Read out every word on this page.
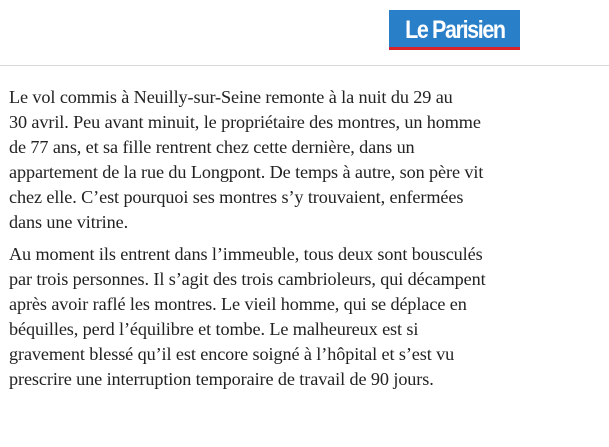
Le Parisien

Le vol commis à Neuilly-sur-Seine remonte à la nuit du 29 au
30 avril. Peu avant minuit, le propriétaire des montres, un homme
de 77 ans, et sa fille rentrent chez cette dernière, dans un
appartement de la rue du Longpont. De temps à autre, son père vit
chez elle. C’est pourquoi ses montres s’y trouvaient, enfermées
dans une vitrine.

Au moment ils entrent dans l’immeuble, tous deux sont bousculés
par trois personnes. Il s’agit des trois cambrioleurs, qui décampent
après avoir raflé les montres. Le vieil homme, qui se déplace en
béquilles, perd l’équilibre et tombe. Le malheureux est si
gravement blessé qu’il est encore soigné à l’hôpital et s’est vu
prescrire une interruption temporaire de travail de 90 jours.
